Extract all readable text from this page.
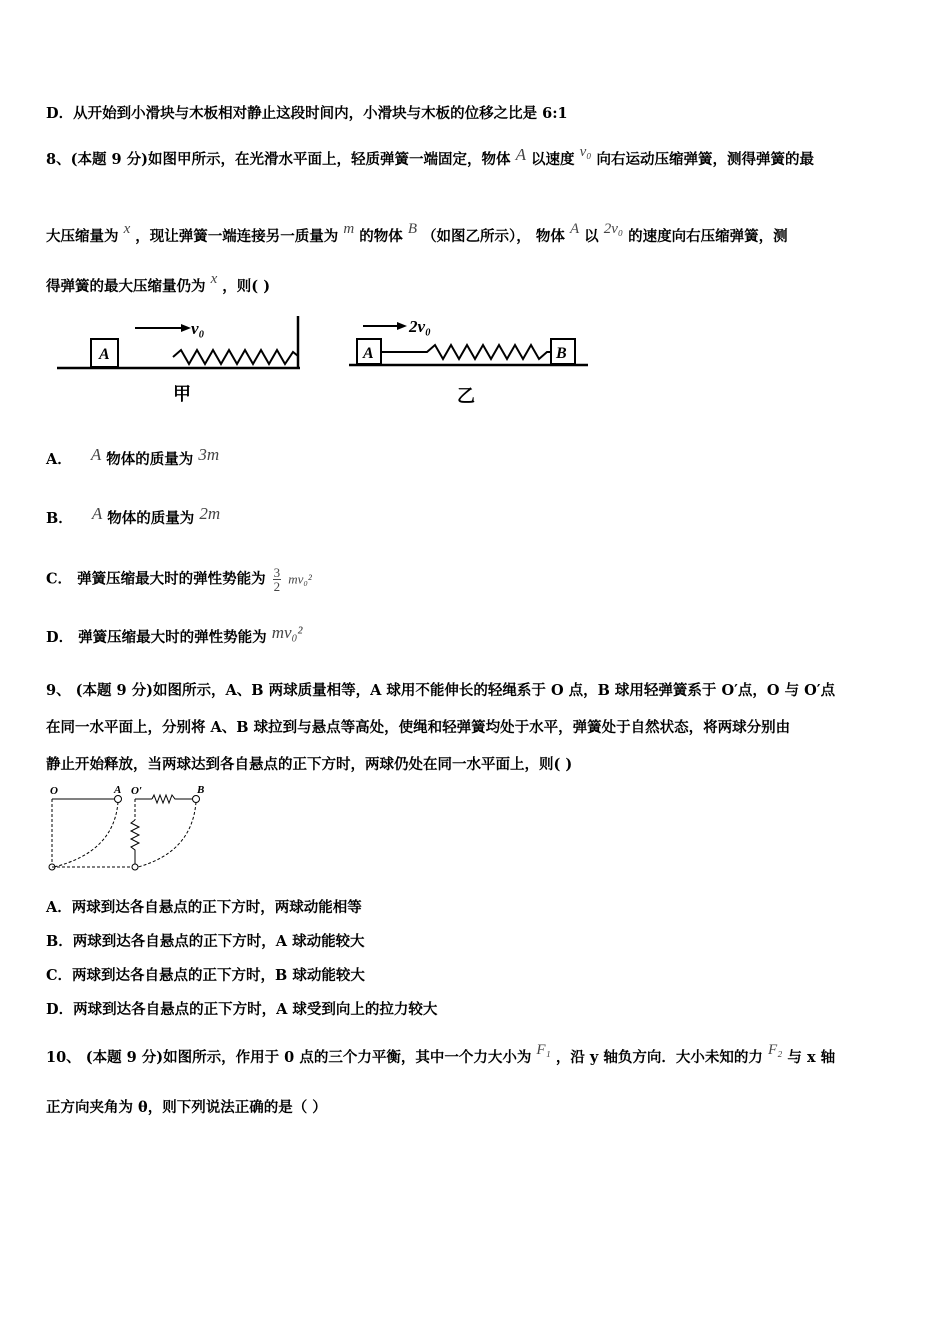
D．从开始到小滑块与木板相对静止这段时间内，小滑块与木板的位移之比是 6:1
8、(本题 9 分)如图甲所示，在光滑水平面上，轻质弹簧一端固定，物体 A 以速度 v₀ 向右运动压缩弹簧，测得弹簧的最
大压缩量为 x ，现让弹簧一端连接另一质量为 m 的物体 B （如图乙所示）， 物体 A 以 2v₀ 的速度向右压缩弹簧，测
得弹簧的最大压缩量仍为 x ，则( )
A
v₀
甲
A	B
2v₀
乙
A． A 物体的质量为 3m
B． A 物体的质量为 2m
C． 弹簧压缩最大时的弹性势能为 $\frac{3}{2} mv_0^2$
D． 弹簧压缩最大时的弹性势能为 mv₀²
9、 (本题 9 分)如图所示，A、B 两球质量相等，A 球用不能伸长的轻绳系于 O 点，B 球用轻弹簧系于 O′点，O 与 O′点
在同一水平面上，分别将 A、B 球拉到与悬点等高处，使绳和轻弹簧均处于水平，弹簧处于自然状态，将两球分别由
静止开始释放，当两球达到各自悬点的正下方时，两球仍处在同一水平面上，则( )
O	A O′	B
A．两球到达各自悬点的正下方时，两球动能相等
B．两球到达各自悬点的正下方时，A 球动能较大
C．两球到达各自悬点的正下方时，B 球动能较大
D．两球到达各自悬点的正下方时，A 球受到向上的拉力较大
10、 (本题 9 分)如图所示，作用于 0 点的三个力平衡，其中一个力大小为 F₁ ，沿 y 轴负方向．大小未知的力 F₂ 与 x 轴
正方向夹角为 θ，则下列说法正确的是（ ）
